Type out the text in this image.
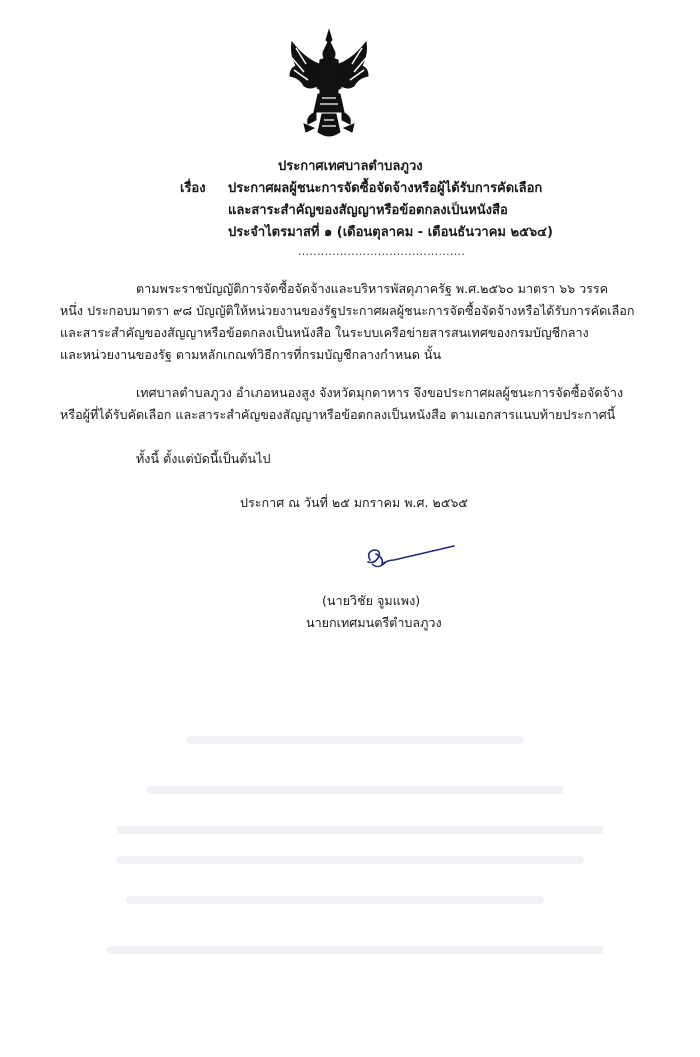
ประกาศเทศบาลตำบลภูวง
เรื่อง ประกาศผลผู้ชนะการจัดซื้อจัดจ้างหรือผู้ได้รับการคัดเลือก
และสาระสำคัญของสัญญาหรือข้อตกลงเป็นหนังสือ
ประจำไตรมาสที่ ๑ (เดือนตุลาคม - เดือนธันวาคม ๒๕๖๔)
............................................
ตามพระราชบัญญัติการจัดซื้อจัดจ้างและบริหารพัสดุภาครัฐ พ.ศ.๒๕๖๐ มาตรา ๖๖ วรรค
หนึ่ง ประกอบมาตรา ๙๘ บัญญัติให้หน่วยงานของรัฐประกาศผลผู้ชนะการจัดซื้อจัดจ้างหรือได้รับการคัดเลือก
และสาระสำคัญของสัญญาหรือข้อตกลงเป็นหนังสือ ในระบบเครือข่ายสารสนเทศของกรมบัญชีกลาง
และหน่วยงานของรัฐ ตามหลักเกณฑ์วิธีการที่กรมบัญชีกลางกำหนด นั้น
เทศบาลตำบลภูวง อำเภอหนองสูง จังหวัดมุกดาหาร จึงขอประกาศผลผู้ชนะการจัดซื้อจัดจ้าง
หรือผู้ที่ได้รับคัดเลือก และสาระสำคัญของสัญญาหรือข้อตกลงเป็นหนังสือ ตามเอกสารแนบท้ายประกาศนี้
ทั้งนี้ ตั้งแต่บัดนี้เป็นต้นไป
ประกาศ ณ วันที่ ๒๕ มกราคม พ.ศ. ๒๕๖๕
(นายวิชัย จูมแพง)
นายกเทศมนตรีตำบลภูวง
